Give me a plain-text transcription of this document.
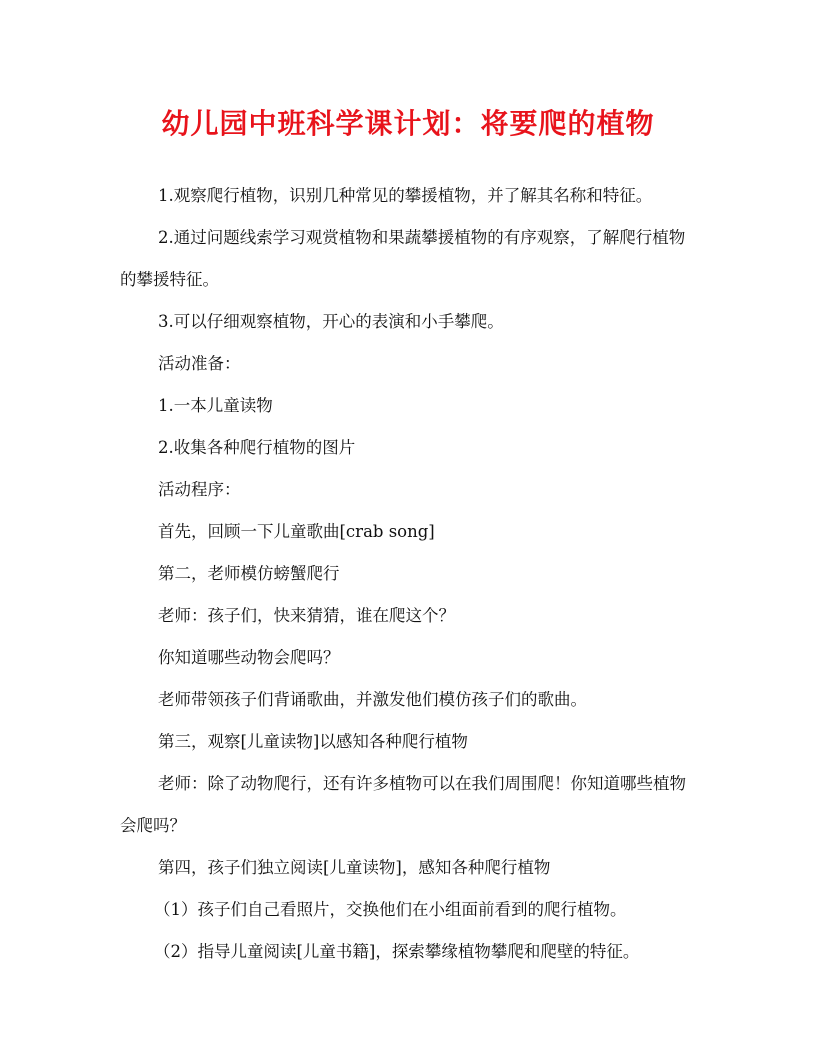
幼儿园中班科学课计划：将要爬的植物

1.观察爬行植物，识别几种常见的攀援植物，并了解其名称和特征。

2.通过问题线索学习观赏植物和果蔬攀援植物的有序观察，了解爬行植物的攀援特征。

3.可以仔细观察植物，开心的表演和小手攀爬。

活动准备：

1.一本儿童读物

2.收集各种爬行植物的图片

活动程序：

首先，回顾一下儿童歌曲[crab song]

第二，老师模仿螃蟹爬行

老师：孩子们，快来猜猜，谁在爬这个？

你知道哪些动物会爬吗？

老师带领孩子们背诵歌曲，并激发他们模仿孩子们的歌曲。

第三，观察[儿童读物]以感知各种爬行植物

老师：除了动物爬行，还有许多植物可以在我们周围爬！你知道哪些植物会爬吗？

第四，孩子们独立阅读[儿童读物]，感知各种爬行植物

（1）孩子们自己看照片，交换他们在小组面前看到的爬行植物。

（2）指导儿童阅读[儿童书籍]，探索攀缘植物攀爬和爬壁的特征。
